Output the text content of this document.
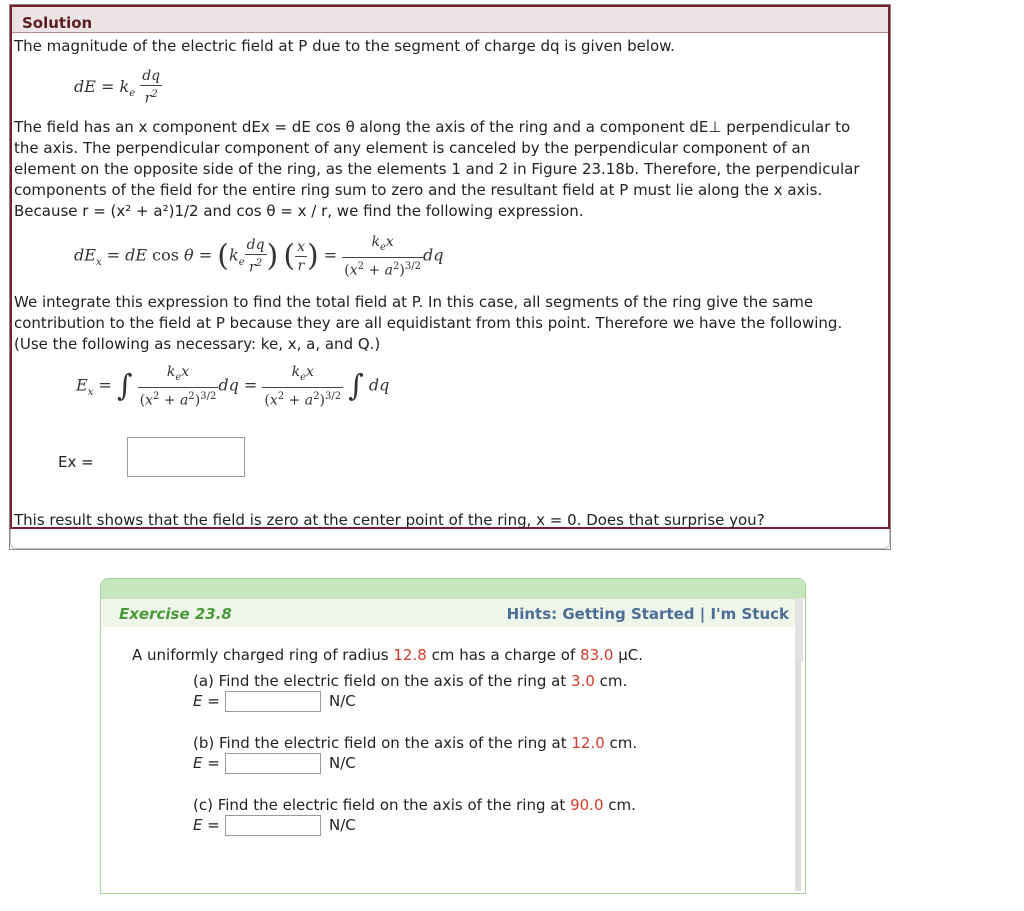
Solution
The magnitude of the electric field at P due to the segment of charge dq is given below.
dE = $k_e \frac{dq}{r^2}$
The field has an x component dEx = dE cos θ along the axis of the ring and a component dE⊥ perpendicular to
the axis. The perpendicular component of any element is canceled by the perpendicular component of an
element on the opposite side of the ring, as the elements 1 and 2 in Figure 23.18b. Therefore, the perpendicular
components of the field for the entire ring sum to zero and the resultant field at P must lie along the x axis.
Because r = (x² + a²)1/2 and cos θ = x / r, we find the following expression.
$dE_x$ = dE $\cos \theta = (k_e \frac{dq}{r^2}$ ) ( $\frac{x}{r}$ ) = $\frac{k_ex}{(x^2 + a^2)^{3/2}}$ dq
We integrate this expression to find the total field at P. In this case, all segments of the ring give the same
contribution to the field at P because they are all equidistant from this point. Therefore we have the following.
(Use the following as necessary: ke, x, a, and Q.)
$E_x$ = ∫ $\frac{k_ex}{(x^2 + a^2)^{3/2}}$ dq = $\frac{k_ex}{(x^2 + a^2)^{3/2}}$ ∫ dq
Ex =
This result shows that the field is zero at the center point of the ring, x = 0. Does that surprise you?
Exercise 23.8	Hints: Getting Started | I'm Stuck
A uniformly charged ring of radius 12.8 cm has a charge of 83.0 μC.
(a) Find the electric field on the axis of the ring at 3.0 cm.
E =	N/C
(b) Find the electric field on the axis of the ring at 12.0 cm.
E =	N/C
(c) Find the electric field on the axis of the ring at 90.0 cm.
E =	N/C
